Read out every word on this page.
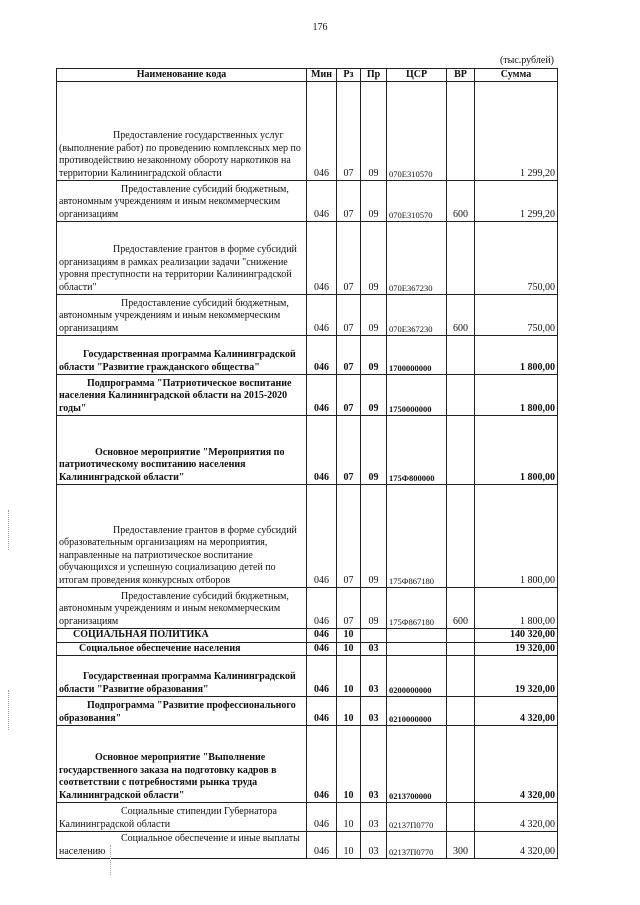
176
(тыс.рублей)
Наименование кода	Мин	Рз	Пр	ЦСР	ВР	Сумма
Предоставление государственных услуг (выполнение работ) по проведению комплексных мер по противодействию незаконному обороту наркотиков на территории Калининградской области	046	07	09	070E310570		1 299,20
Предоставление субсидий бюджетным, автономным учреждениям и иным некоммерческим организациям	046	07	09	070E310570	600	1 299,20
Предоставление грантов в форме субсидий организациям в рамках реализации задачи "снижение уровня преступности на территории Калининградской области"	046	07	09	070E367230		750,00
Предоставление субсидий бюджетным, автономным учреждениям и иным некоммерческим организациям	046	07	09	070E367230	600	750,00
Государственная программа Калининградской области "Развитие гражданского общества"	046	07	09	1700000000		1 800,00
Подпрограмма "Патриотическое воспитание населения Калининградской области на 2015-2020 годы"	046	07	09	1750000000		1 800,00
Основное мероприятие "Мероприятия по патриотическому воспитанию населения Калининградской области"	046	07	09	175Ф800000		1 800,00
Предоставление грантов в форме субсидий образовательным организациям на мероприятия, направленные на патриотическое воспитание обучающихся и успешную социализацию детей по итогам проведения конкурсных отборов	046	07	09	175Ф867180		1 800,00
Предоставление субсидий бюджетным, автономным учреждениям и иным некоммерческим организациям	046	07	09	175Ф867180	600	1 800,00
СОЦИАЛЬНАЯ ПОЛИТИКА	046	10				140 320,00
Социальное обеспечение населения	046	10	03			19 320,00
Государственная программа Калининградской области "Развитие образования"	046	10	03	0200000000		19 320,00
Подпрограмма "Развитие профессионального образования"	046	10	03	0210000000		4 320,00
Основное мероприятие "Выполнение государственного заказа на подготовку кадров в соответствии с потребностями рынка труда Калининградской области"	046	10	03	0213700000		4 320,00
Социальные стипендии Губернатора Калининградской области	046	10	03	02137П0770		4 320,00
Социальное обеспечение и иные выплаты населению	046	10	03	02137П0770	300	4 320,00
